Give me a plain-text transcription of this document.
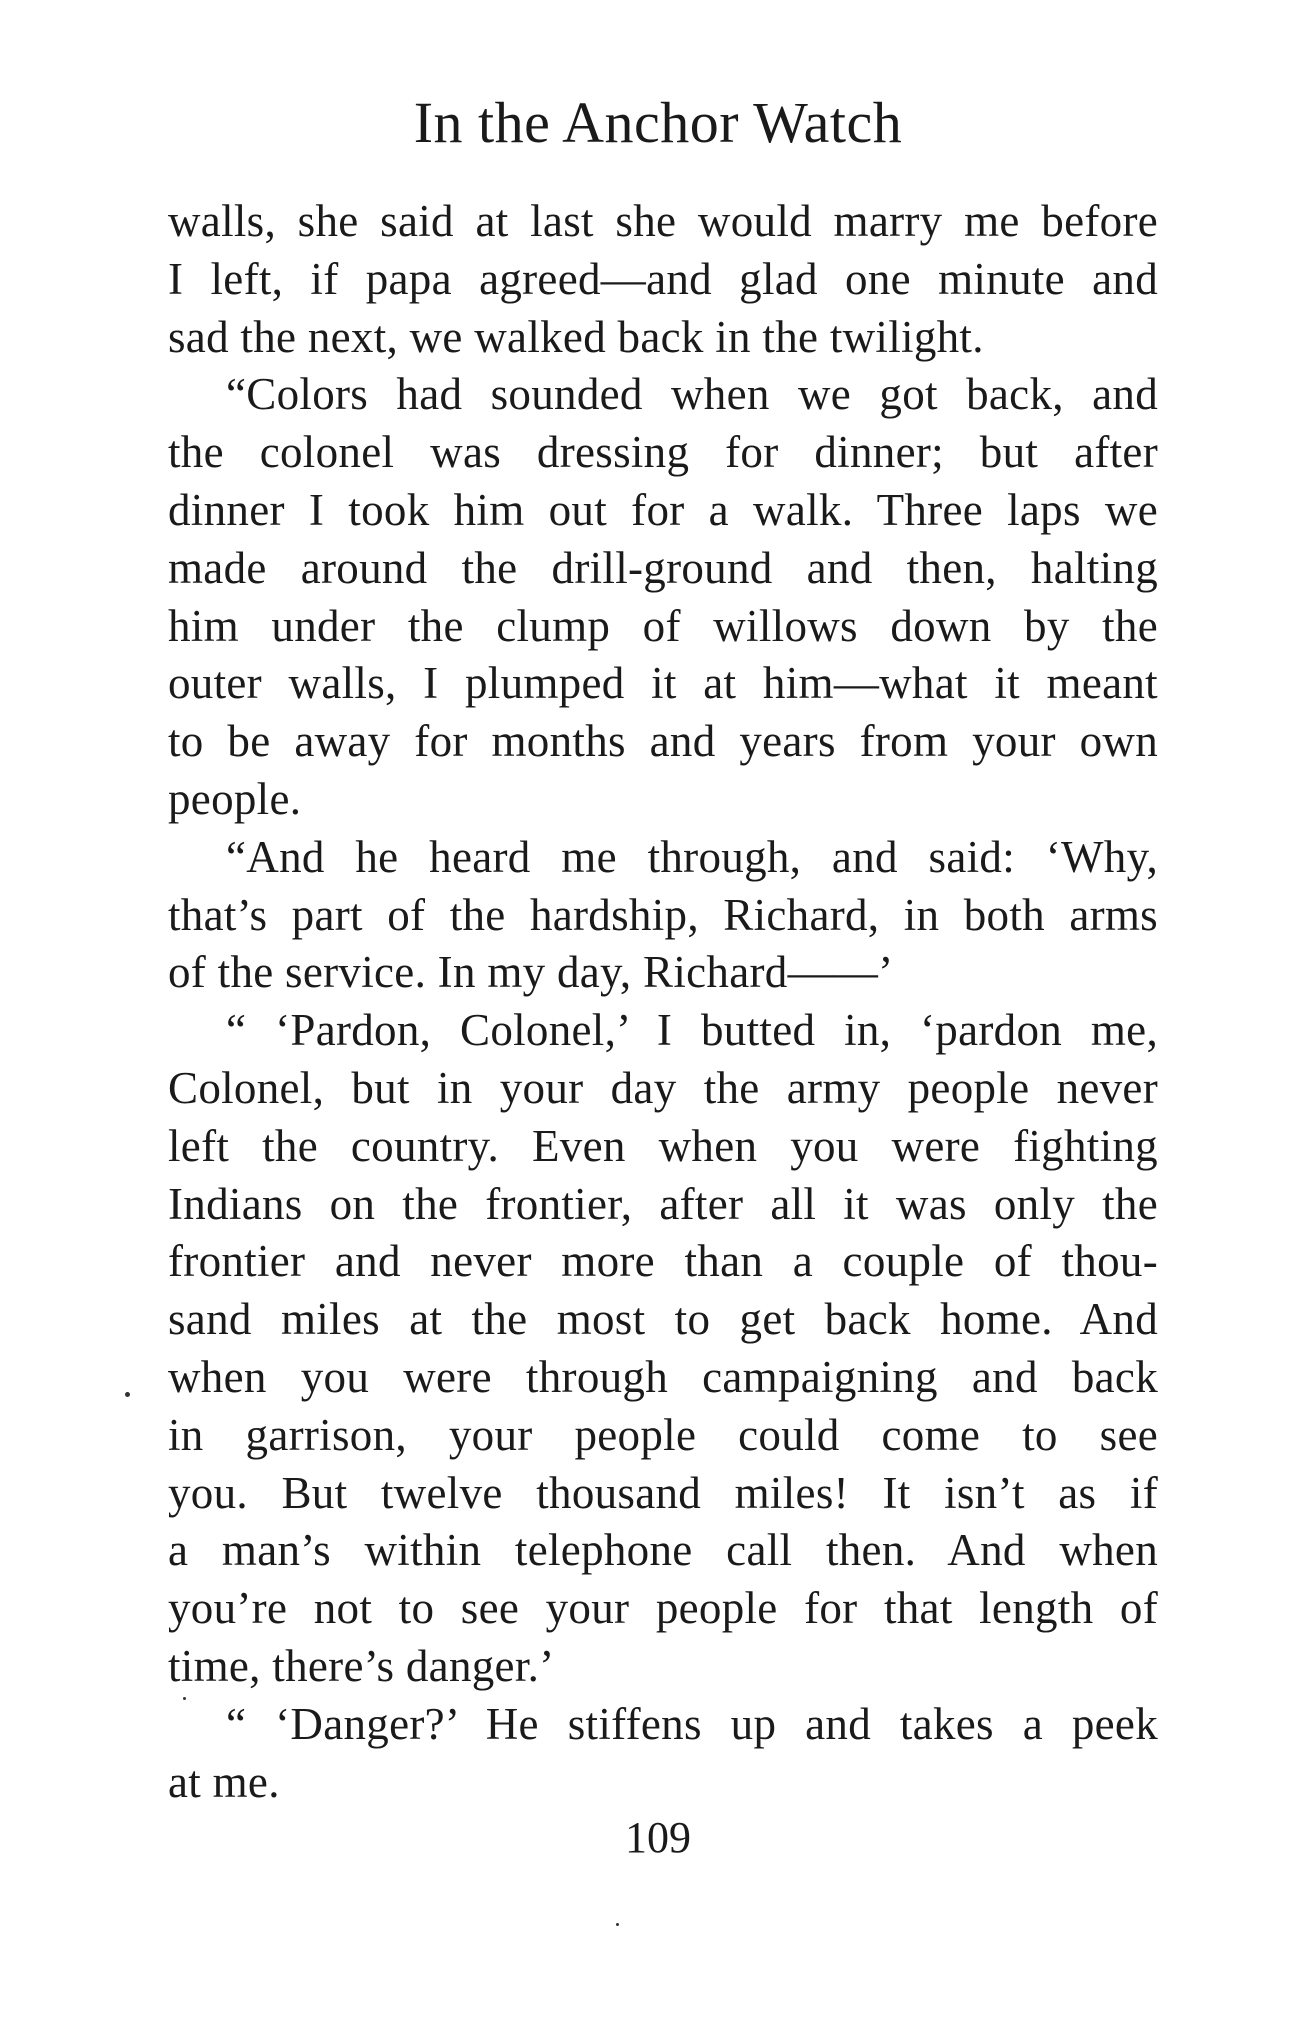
In the Anchor Watch
walls, she said at last she would marry me before
I left, if papa agreed—and glad one minute and
sad the next, we walked back in the twilight.
“Colors had sounded when we got back, and
the colonel was dressing for dinner; but after
dinner I took him out for a walk. Three laps we
made around the drill-ground and then, halting
him under the clump of willows down by the
outer walls, I plumped it at him—what it meant
to be away for months and years from your own
people.
“And he heard me through, and said: ‘Why,
that’s part of the hardship, Richard, in both arms
of the service. In my day, Richard——’
“ ‘Pardon, Colonel,’ I butted in, ‘pardon me,
Colonel, but in your day the army people never
left the country. Even when you were fighting
Indians on the frontier, after all it was only the
frontier and never more than a couple of thou-
sand miles at the most to get back home. And
when you were through campaigning and back
in garrison, your people could come to see
you. But twelve thousand miles! It isn’t as if
a man’s within telephone call then. And when
you’re not to see your people for that length of
time, there’s danger.’
“ ‘Danger?’ He stiffens up and takes a peek
at me.
109
